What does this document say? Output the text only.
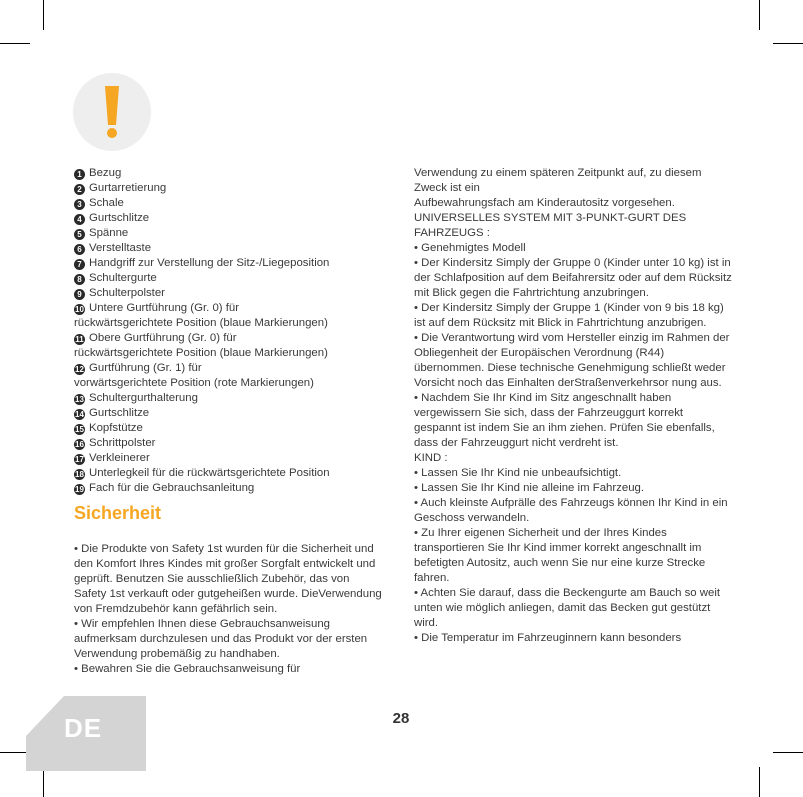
1 Bezug
2 Gurtarretierung
3 Schale
4 Gurtschlitze
5 Spänne
6 Verstelltaste
7 Handgriff zur Verstellung der Sitz-/Liegeposition
8 Schultergurte
9 Schulterpolster
10 Untere Gurtführung (Gr. 0) für
rückwärtsgerichtete Position (blaue Markierungen)
11 Obere Gurtführung (Gr. 0) für
rückwärtsgerichtete Position (blaue Markierungen)
12 Gurtführung (Gr. 1) für
vorwärtsgerichtete Position (rote Markierungen)
13 Schultergurthalterung
14 Gurtschlitze
15 Kopfstütze
16 Schrittpolster
17 Verkleinerer
18 Unterlegkeil für die rückwärtsgerichtete Position
19 Fach für die Gebrauchsanleitung
Sicherheit
• Die Produkte von Safety 1st wurden für die Sicherheit und den Komfort Ihres Kindes mit großer Sorgfalt entwickelt und geprüft. Benutzen Sie ausschließlich Zubehör, das von Safety 1st verkauft oder gutgeheißen wurde. DieVerwendung von Fremdzubehör kann gefährlich sein.
• Wir empfehlen Ihnen diese Gebrauchsanweisung aufmerksam durchzulesen und das Produkt vor der ersten Verwendung probemäßig zu handhaben.
• Bewahren Sie die Gebrauchsanweisung für
Verwendung zu einem späteren Zeitpunkt auf, zu diesem Zweck ist ein
Aufbewahrungsfach am Kinderautositz vorgesehen.
UNIVERSELLES SYSTEM MIT 3-PUNKT-GURT DES FAHRZEUGS :
• Genehmigtes Modell
• Der Kindersitz Simply der Gruppe 0 (Kinder unter 10 kg) ist in der Schlafposition auf dem Beifahrersitz oder auf dem Rücksitz mit Blick gegen die Fahrtrichtung anzubringen.
• Der Kindersitz Simply der Gruppe 1 (Kinder von 9 bis 18 kg) ist auf dem Rücksitz mit Blick in Fahrtrichtung anzubrigen.
• Die Verantwortung wird vom Hersteller einzig im Rahmen der Obliegenheit der Europäischen Verordnung (R44) übernommen. Diese technische Genehmigung schließt weder Vorsicht noch das Einhalten derStraßenverkehrsor nung aus.
• Nachdem Sie Ihr Kind im Sitz angeschnallt haben vergewissern Sie sich, dass der Fahrzeuggurt korrekt gespannt ist indem Sie an ihm ziehen. Prüfen Sie ebenfalls, dass der Fahrzeuggurt nicht verdreht ist.
KIND :
• Lassen Sie Ihr Kind nie unbeaufsichtigt.
• Lassen Sie Ihr Kind nie alleine im Fahrzeug.
• Auch kleinste Aufprälle des Fahrzeugs können Ihr Kind in ein Geschoss verwandeln.
• Zu Ihrer eigenen Sicherheit und der Ihres Kindes transportieren Sie Ihr Kind immer korrekt angeschnallt im befetigten Autositz, auch wenn Sie nur eine kurze Strecke fahren.
• Achten Sie darauf, dass die Beckengurte am Bauch so weit unten wie möglich anliegen, damit das Becken gut gestützt wird.
• Die Temperatur im Fahrzeuginnern kann besonders
28
DE
